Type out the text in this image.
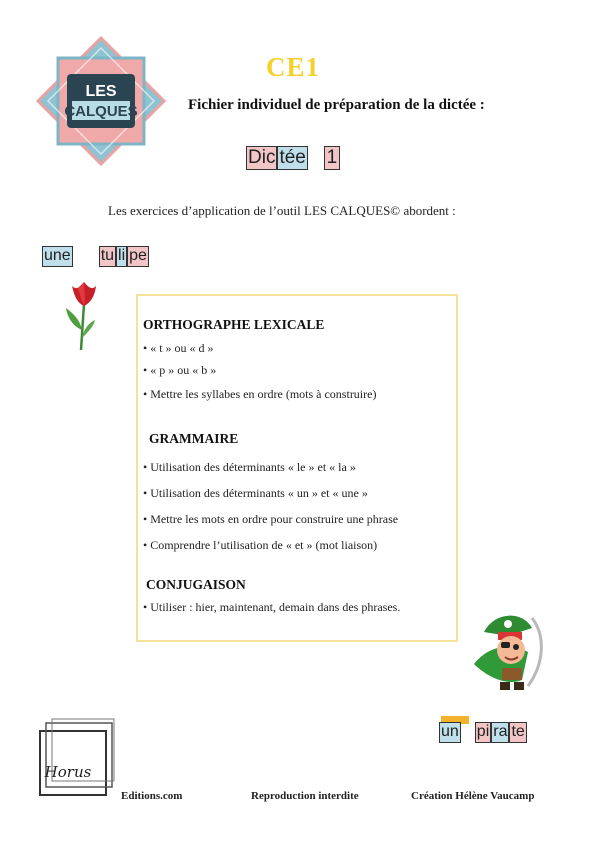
LES
CALQUES
CE1
Fichier individuel de préparation de la dictée :
Dic tée 1
Les exercices d’application de l’outil LES CALQUES© abordent :
une tu li pe
ORTHOGRAPHE LEXICALE
• « t » ou « d »
• « p » ou « b »
• Mettre les syllabes en ordre (mots à construire)
GRAMMAIRE
• Utilisation des déterminants « le » et « la »
• Utilisation des déterminants « un » et « une »
• Mettre les mots en ordre pour construire une phrase
• Comprendre l’utilisation de « et » (mot liaison)
CONJUGAISON
• Utiliser : hier, maintenant, demain dans des phrases.
un pi ra te
Horus
Editions.com	Reproduction interdite	Création Hélène Vaucamp
